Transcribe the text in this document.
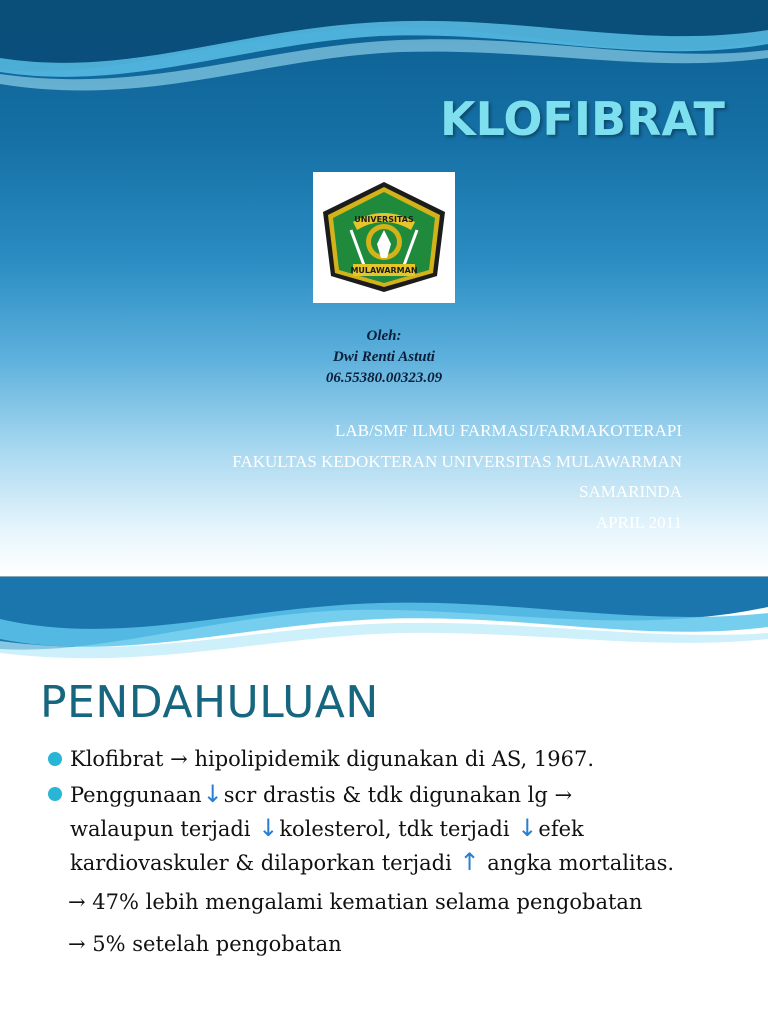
KLOFIBRAT
UNIVERSITAS
MULAWARMAN
Oleh:
Dwi Renti Astuti
06.55380.00323.09
LAB/SMF ILMU FARMASI/FARMAKOTERAPI
FAKULTAS KEDOKTERAN UNIVERSITAS MULAWARMAN
SAMARINDA
APRIL 2011
PENDAHULUAN
Klofibrat → hipolipidemik digunakan di AS, 1967.
Penggunaan↓scr drastis & tdk digunakan lg →
walaupun terjadi ↓kolesterol, tdk terjadi ↓efek kardiovaskuler & dilaporkan terjadi ↑ angka mortalitas.
→ 47% lebih mengalami kematian selama pengobatan
→ 5% setelah pengobatan
